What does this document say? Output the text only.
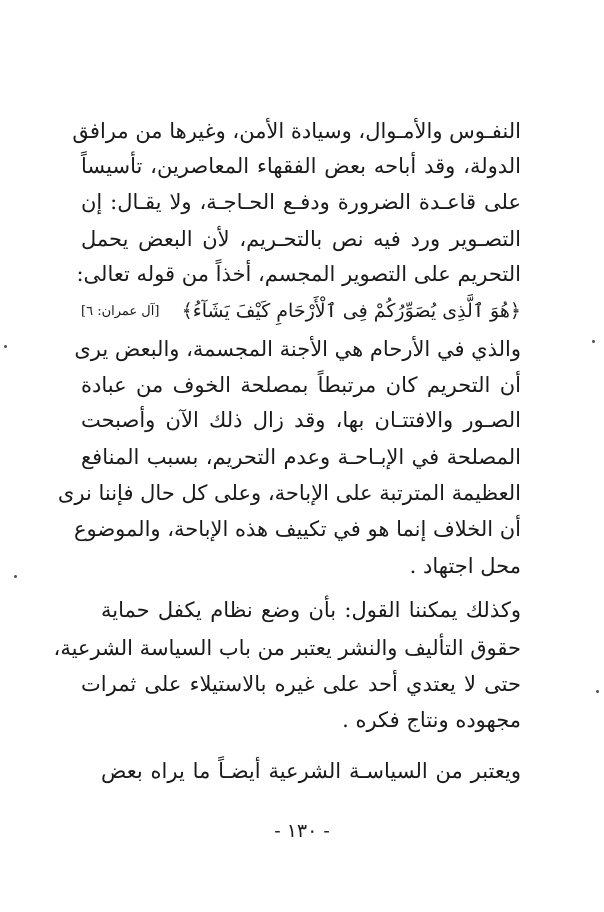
النفـوس والأمـوال، وسيادة الأمن، وغيرها من مرافق
الدولة، وقد أباحه بعض الفقهاء المعاصرين، تأسيساً
على قاعـدة الضرورة ودفـع الحـاجـة، ولا يقـال: إن
التصـوير ورد فيه نص بالتحـريم، لأن البعض يحمل
التحريم على التصوير المجسم، أخذاً من قوله تعالى:
﴿هُوَ ٱلَّذِى يُصَوِّرُكُمْ فِى ٱلْأَرْحَامِ كَيْفَ يَشَآءُ﴾
[آل عمران: ٦]
والذي في الأرحام هي الأجنة المجسمة، والبعض يرى
أن التحريم كان مرتبطاً بمصلحة الخوف من عبادة
الصـور والافتتـان بها، وقد زال ذلك الآن وأصبحت
المصلحة في الإبـاحـة وعدم التحريم، بسبب المنافع
العظيمة المترتبة على الإباحة، وعلى كل حال فإننا نرى
أن الخلاف إنما هو في تكييف هذه الإباحة، والموضوع
محل اجتهاد .
وكذلك يمكننا القول: بأن وضع نظام يكفل حماية
حقوق التأليف والنشر يعتبر من باب السياسة الشرعية،
حتى لا يعتدي أحد على غيره بالاستيلاء على ثمرات
مجهوده ونتاج فكره .
ويعتبر من السياسـة الشرعية أيضـاً ما يراه بعض
- ١٣٠ -
